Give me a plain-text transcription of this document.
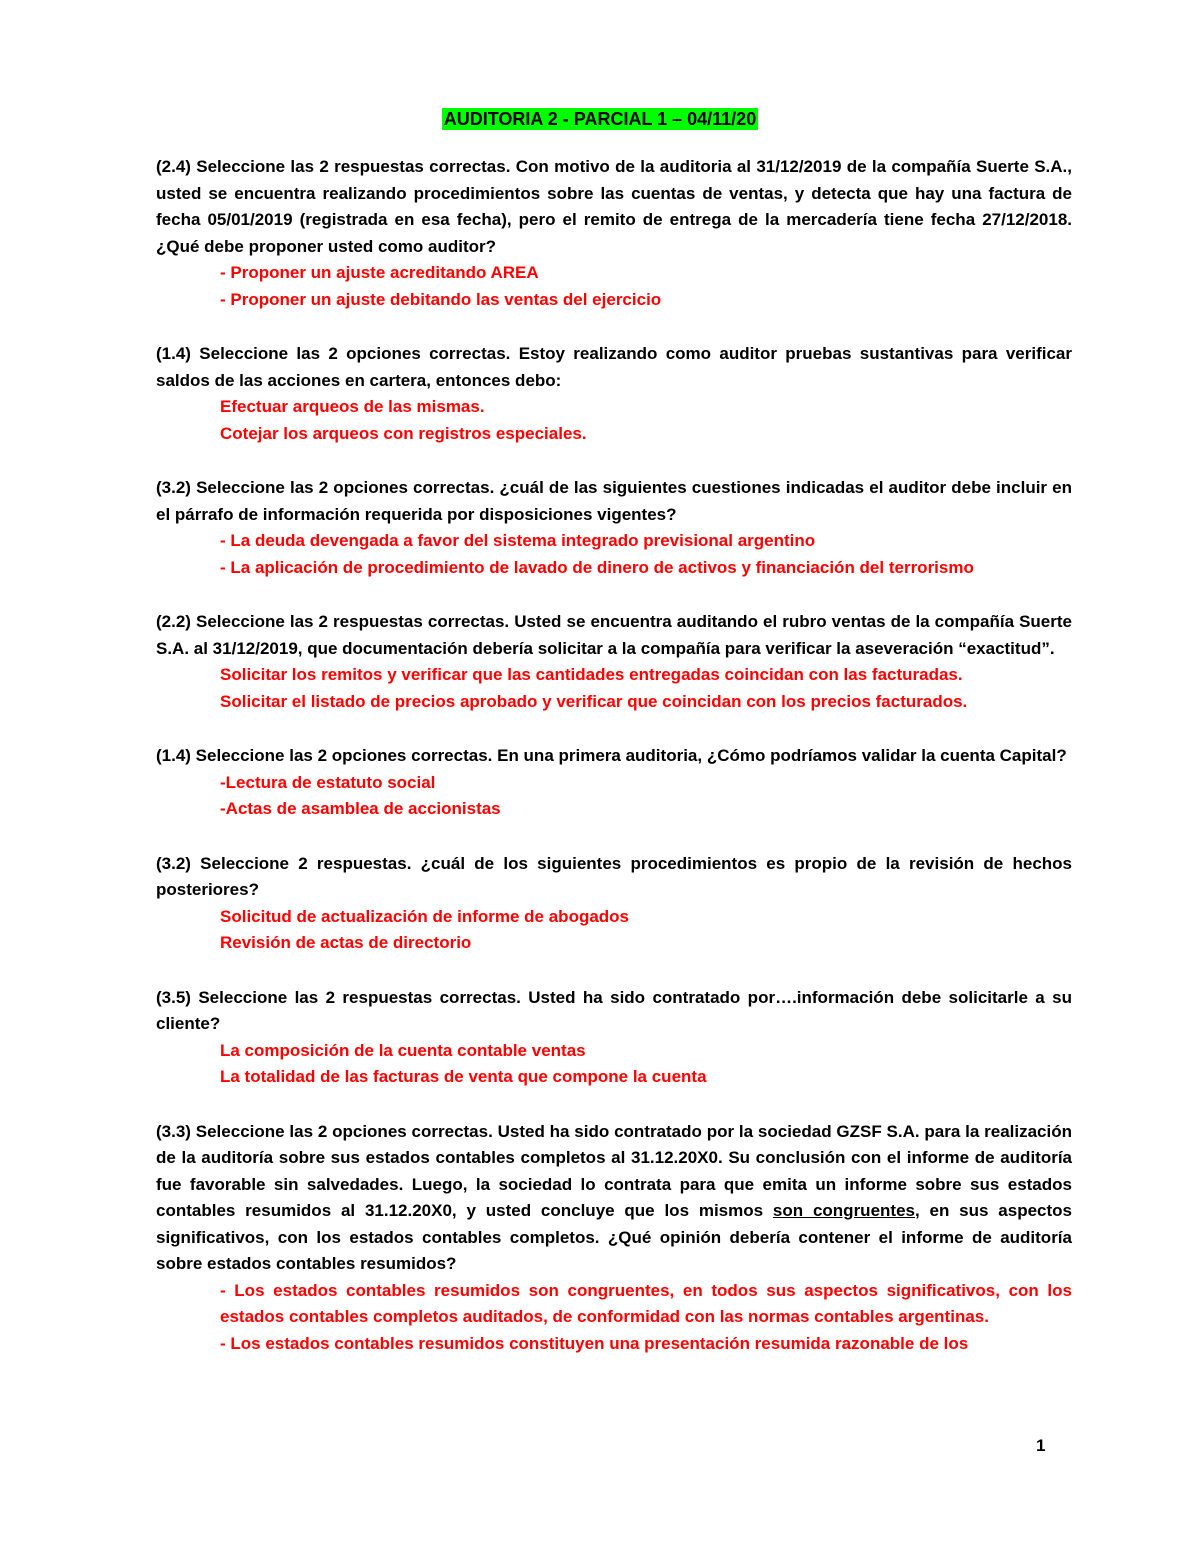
AUDITORIA 2 - PARCIAL 1 – 04/11/20

(2.4) Seleccione las 2 respuestas correctas. Con motivo de la auditoria al 31/12/2019 de la compañía Suerte S.A., usted se encuentra realizando procedimientos sobre las cuentas de ventas, y detecta que hay una factura de fecha 05/01/2019 (registrada en esa fecha), pero el remito de entrega de la mercadería tiene fecha 27/12/2018. ¿Qué debe proponer usted como auditor?

- Proponer un ajuste acreditando AREA
- Proponer un ajuste debitando las ventas del ejercicio

(1.4) Seleccione las 2 opciones correctas. Estoy realizando como auditor pruebas sustantivas para verificar saldos de las acciones en cartera, entonces debo:

Efectuar arqueos de las mismas.
Cotejar los arqueos con registros especiales.

(3.2) Seleccione las 2 opciones correctas. ¿cuál de las siguientes cuestiones indicadas el auditor debe incluir en el párrafo de información requerida por disposiciones vigentes?

- La deuda devengada a favor del sistema integrado previsional argentino
- La aplicación de procedimiento de lavado de dinero de activos y financiación del terrorismo

(2.2) Seleccione las 2 respuestas correctas. Usted se encuentra auditando el rubro ventas de la compañía Suerte S.A. al 31/12/2019, que documentación debería solicitar a la compañía para verificar la aseveración “exactitud”.

Solicitar los remitos y verificar que las cantidades entregadas coincidan con las facturadas.
Solicitar el listado de precios aprobado y verificar que coincidan con los precios facturados.

(1.4) Seleccione las 2 opciones correctas. En una primera auditoria, ¿Cómo podríamos validar la cuenta Capital?

-Lectura de estatuto social
-Actas de asamblea de accionistas

(3.2) Seleccione 2 respuestas. ¿cuál de los siguientes procedimientos es propio de la revisión de hechos posteriores?

Solicitud de actualización de informe de abogados
Revisión de actas de directorio

(3.5) Seleccione las 2 respuestas correctas. Usted ha sido contratado por….información debe solicitarle a su cliente?

La composición de la cuenta contable ventas
La totalidad de las facturas de venta que compone la cuenta

(3.3) Seleccione las 2 opciones correctas. Usted ha sido contratado por la sociedad GZSF S.A. para la realización de la auditoría sobre sus estados contables completos al 31.12.20X0. Su conclusión con el informe de auditoría fue favorable sin salvedades. Luego, la sociedad lo contrata para que emita un informe sobre sus estados contables resumidos al 31.12.20X0, y usted concluye que los mismos son congruentes, en sus aspectos significativos, con los estados contables completos. ¿Qué opinión debería contener el informe de auditoría sobre estados contables resumidos?

- Los estados contables resumidos son congruentes, en todos sus aspectos significativos, con los estados contables completos auditados, de conformidad con las normas contables argentinas.
- Los estados contables resumidos constituyen una presentación resumida razonable de los
1
